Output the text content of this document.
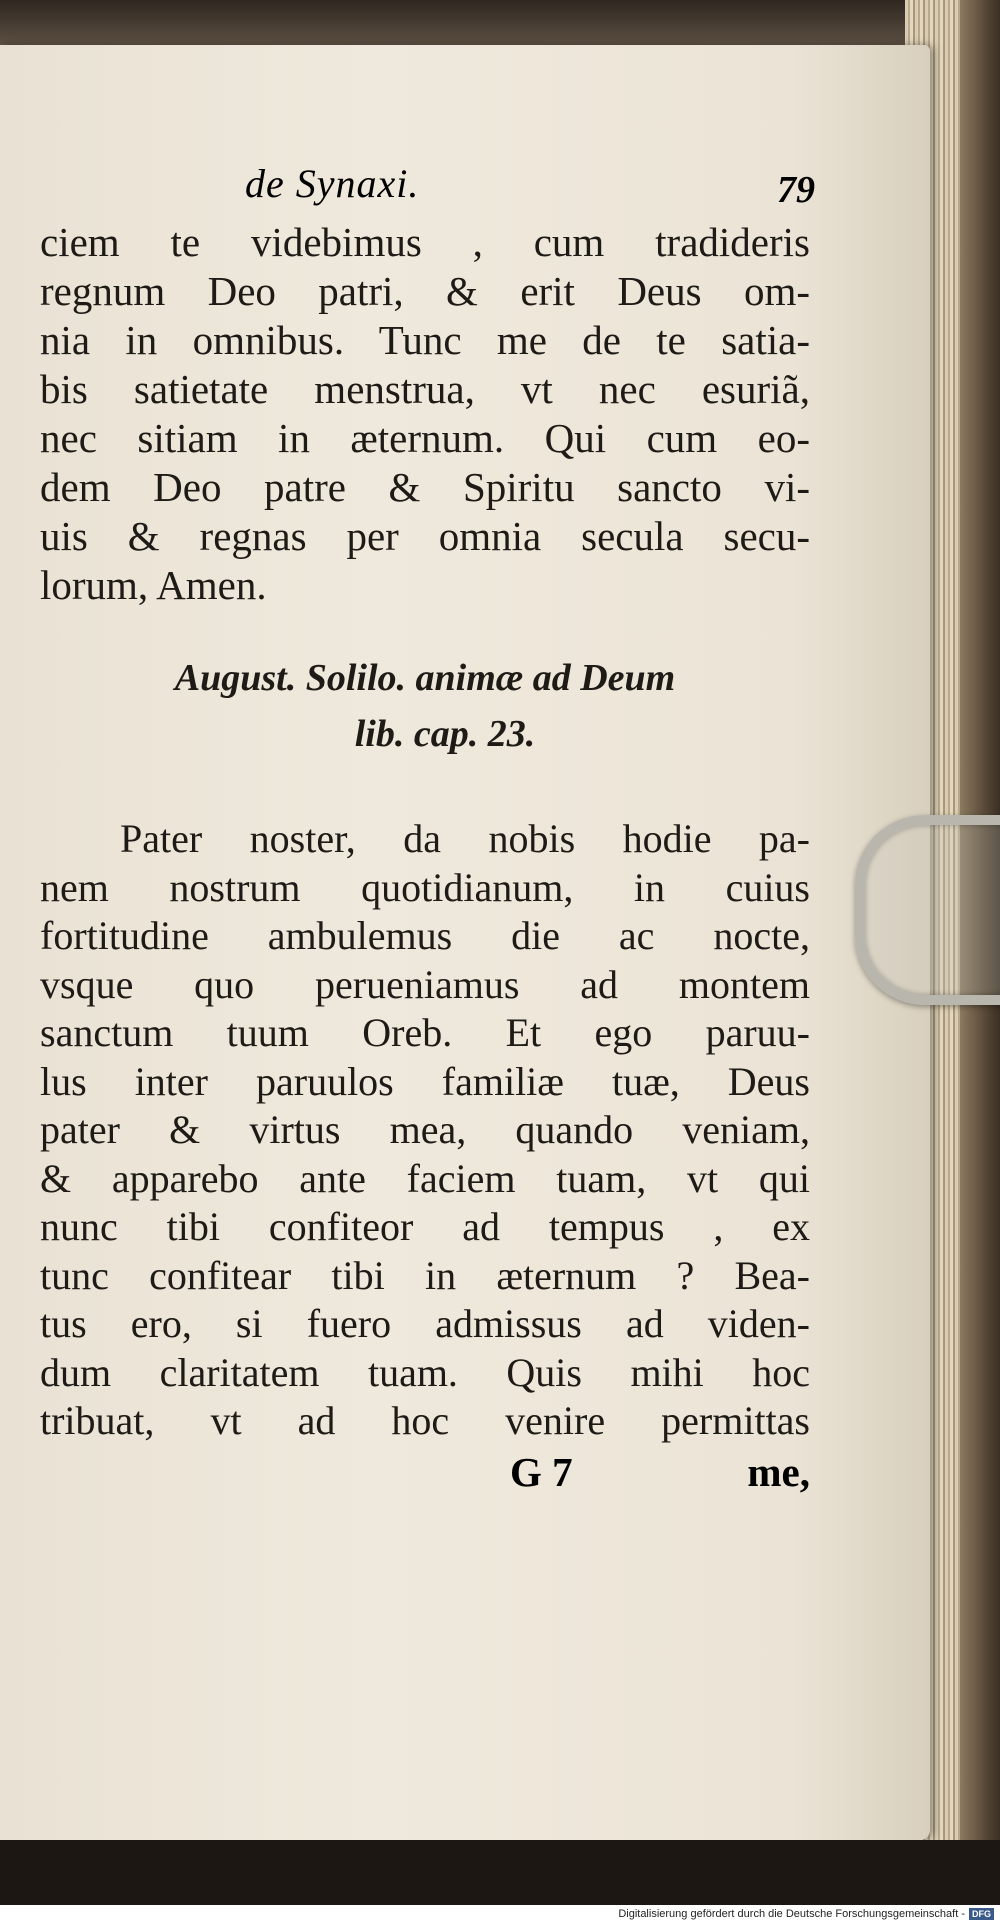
de Synaxi.	79
ciem te videbimus , cum tradideris
regnum Deo patri, & erit Deus om-
nia in omnibus. Tunc me de te satia-
bis satietate menstrua, vt nec esuriã,
nec sitiam in æternum. Qui cum eo-
dem Deo patre & Spiritu sancto vi-
uis & regnas per omnia secula secu-
lorum, Amen.
August. Solilo. animæ ad Deum
lib. cap. 23.
Pater noster, da nobis hodie pa-
nem nostrum quotidianum, in cuius
fortitudine ambulemus die ac nocte,
vsque quo perueniamus ad montem
sanctum tuum Oreb. Et ego paruu-
lus inter paruulos familiæ tuæ, Deus
pater & virtus mea, quando veniam,
& apparebo ante faciem tuam, vt qui
nunc tibi confiteor ad tempus , ex
tunc confitear tibi in æternum ? Bea-
tus ero, si fuero admissus ad viden-
dum claritatem tuam. Quis mihi hoc
tribuat, vt ad hoc venire permittas
G 7	me,
Digitalisierung gefördert durch die Deutsche Forschungsgemeinschaft - DFG
